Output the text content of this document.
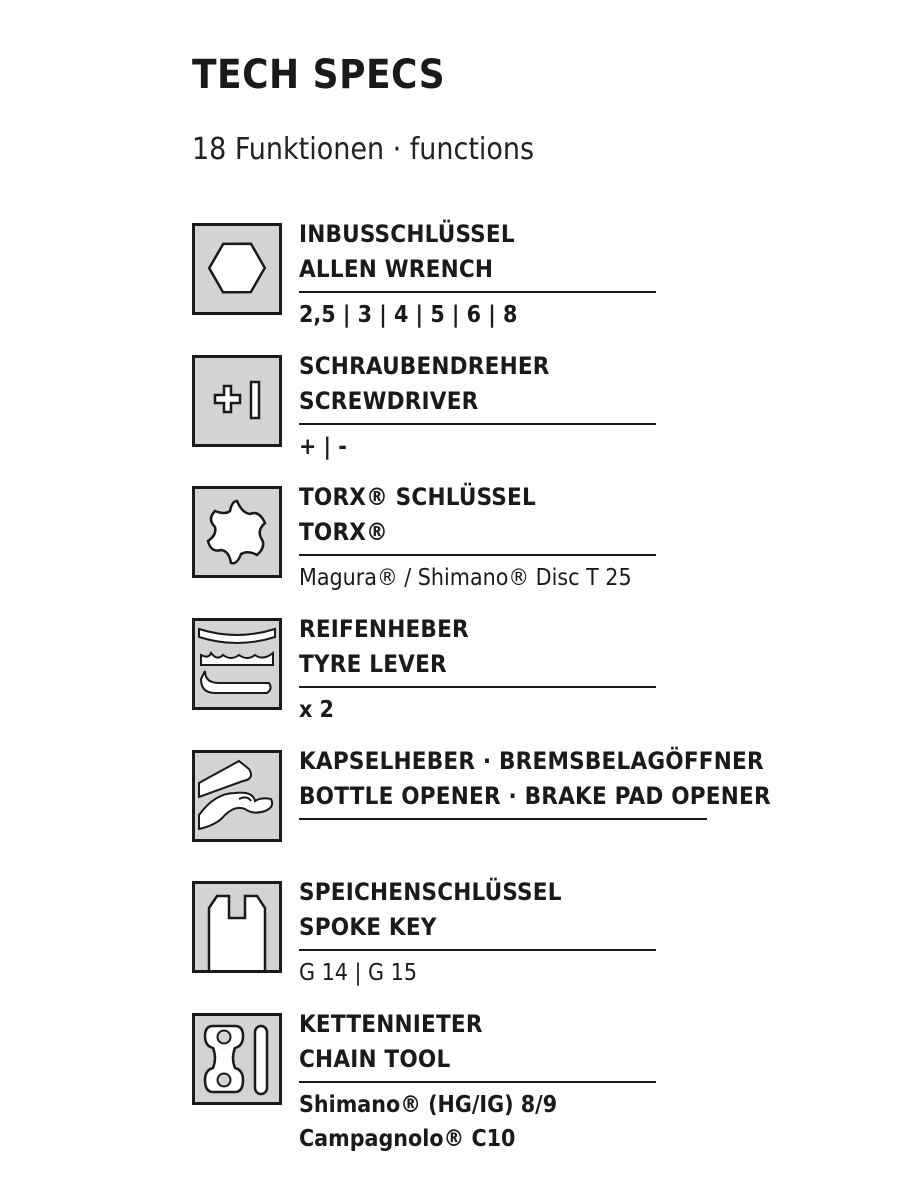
TECH SPECS

18 Funktionen · functions

INBUSSCHLÜSSEL
ALLEN WRENCH
2,5 | 3 | 4 | 5 | 6 | 8
SCHRAUBENDREHER
SCREWDRIVER
+ | -
TORX® SCHLÜSSEL
TORX®
Magura® / Shimano® Disc T 25
REIFENHEBER
TYRE LEVER
x 2
KAPSELHEBER · BREMSBELAGÖFFNER
BOTTLE OPENER · BRAKE PAD OPENER
SPEICHENSCHLÜSSEL
SPOKE KEY
G 14 | G 15
KETTENNIETER
CHAIN TOOL
Shimano® (HG/IG) 8/9
Campagnolo® C10
